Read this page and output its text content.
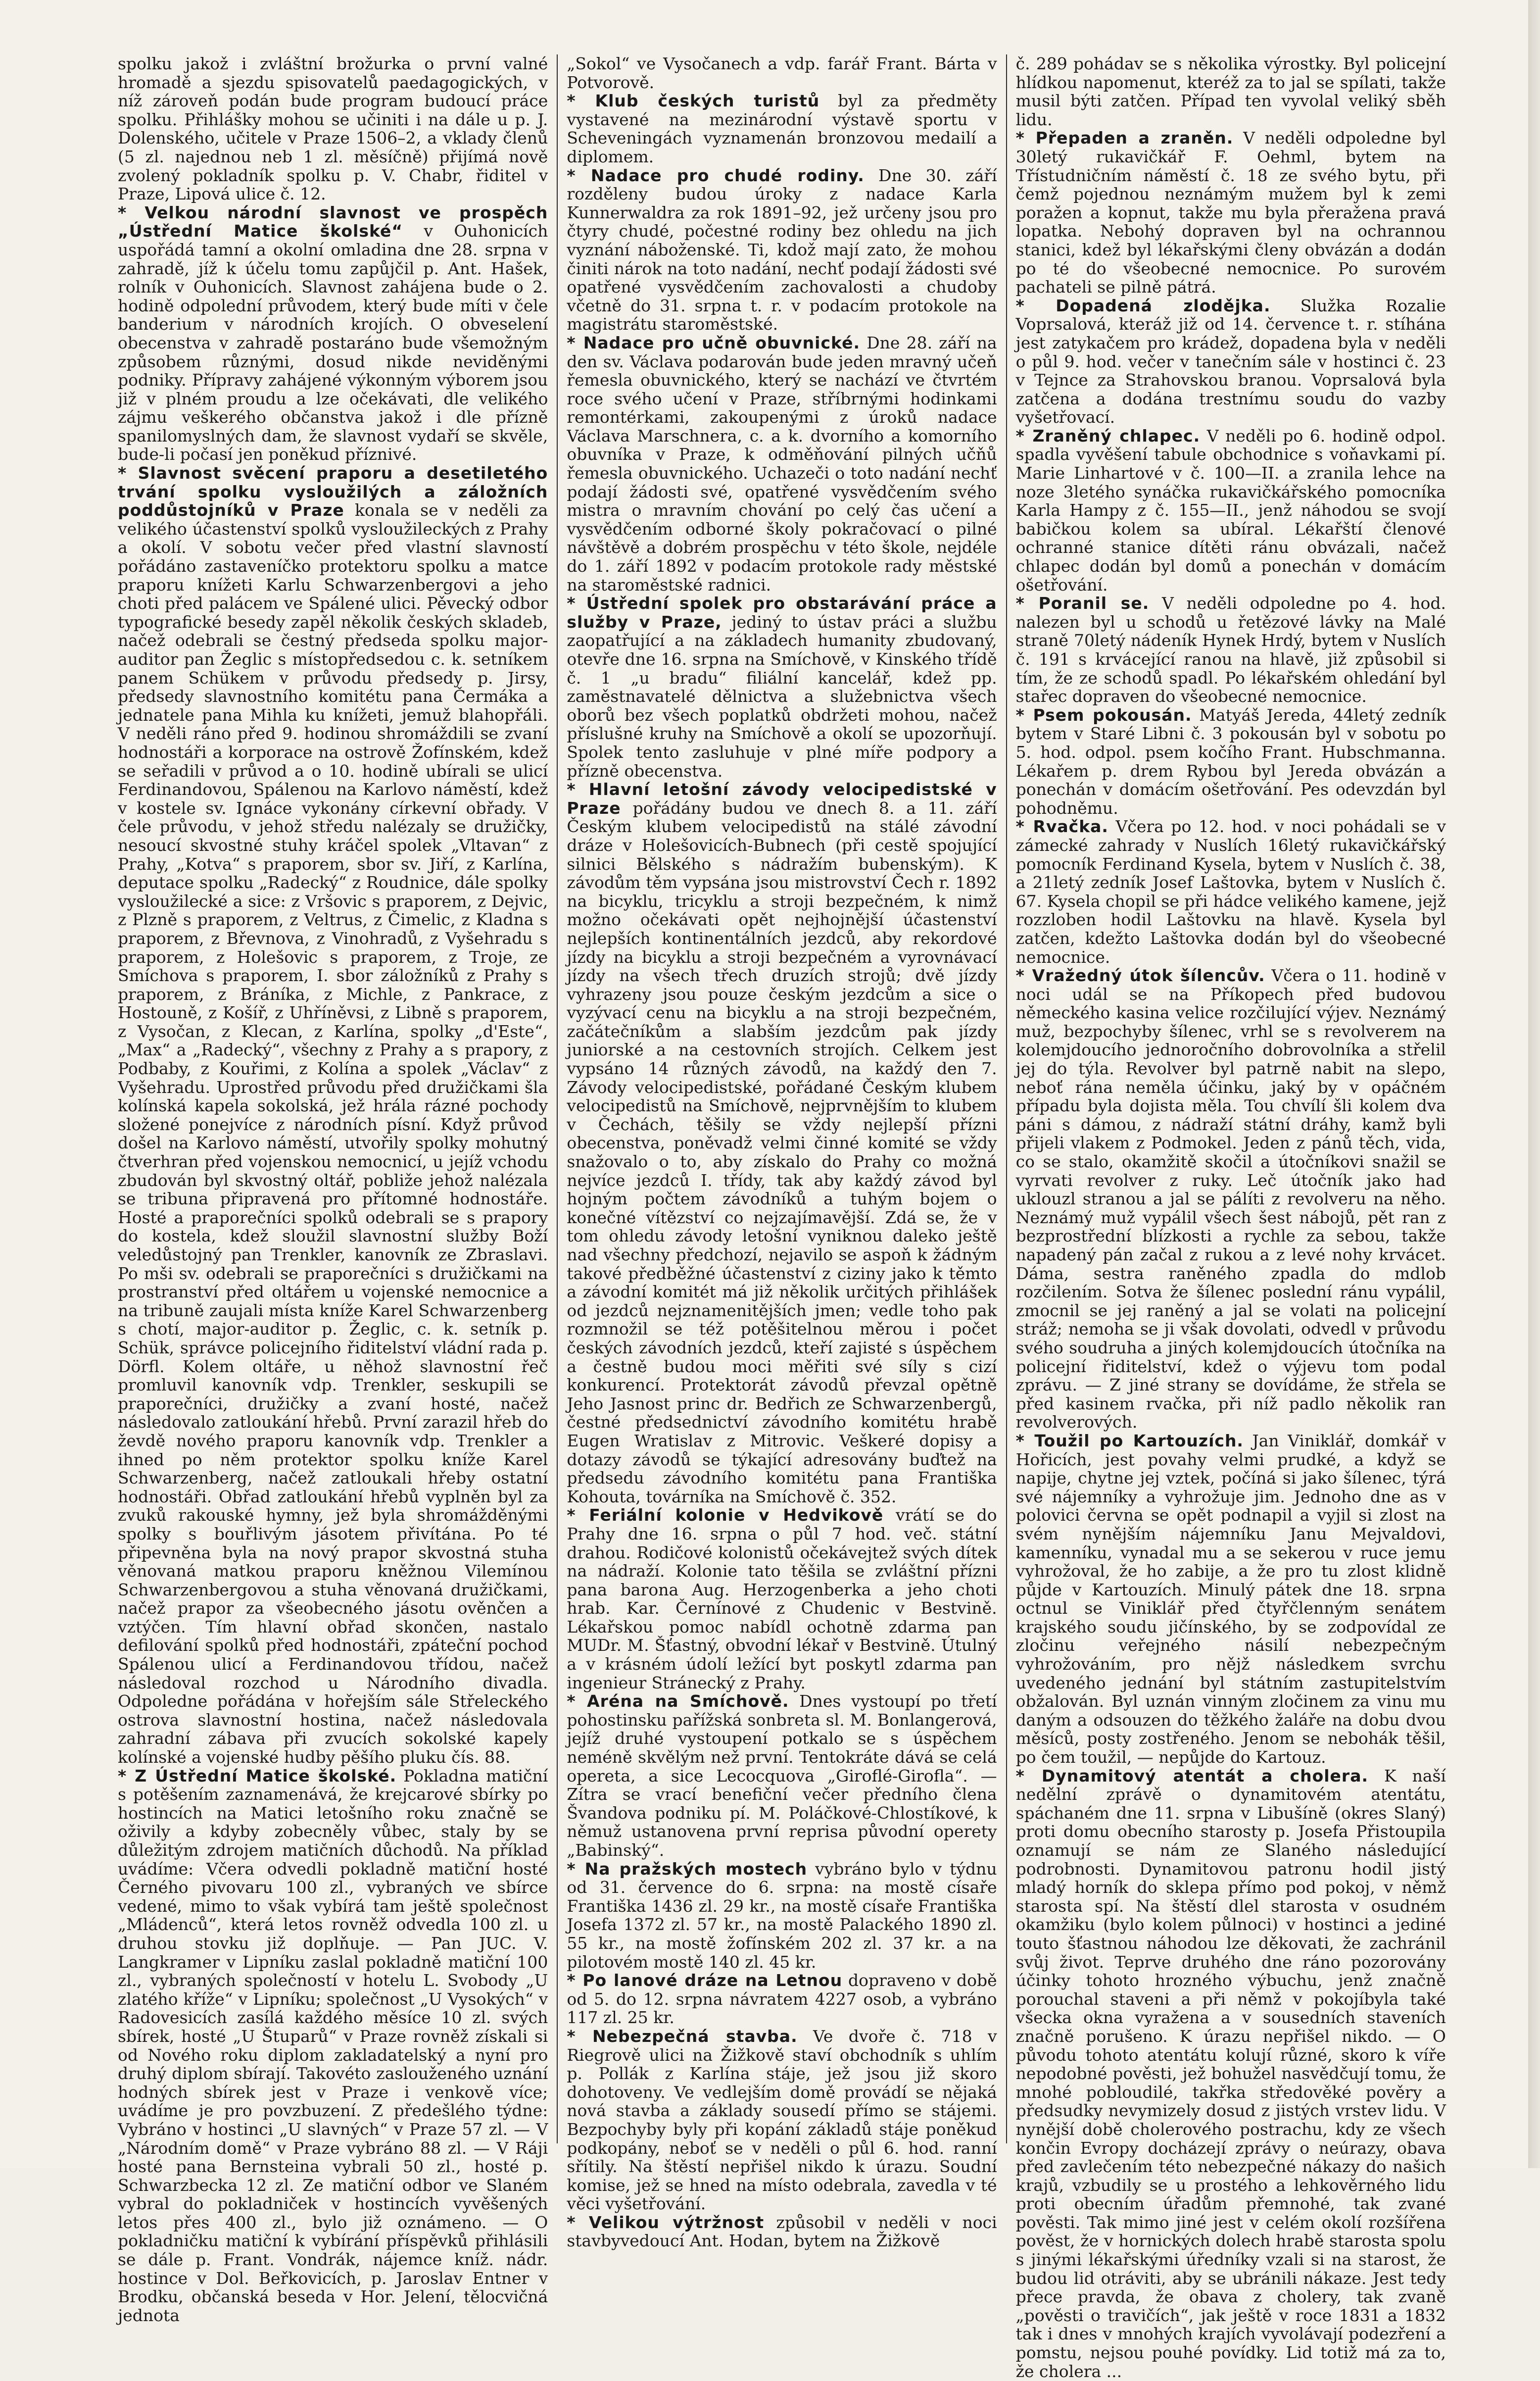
spolku jakož i zvláštní brožurka o první valné hromadě a sjezdu spisovatelů paedagogických, v níž zároveň podán bude program budoucí práce spolku. Přihlášky mohou se učiniti i na dále u p. J. Dolenského, učitele v Praze 1506–2, a vklady členů (5 zl. najednou neb 1 zl. měsíčně) přijímá nově zvolený pokladník spolku p. V. Chabr, řiditel v Praze, Lipová ulice č. 12.

* Velkou národní slavnost ve prospěch „Ústřední Matice školské“ v Ouhonicích uspořádá tamní a okolní omladina dne 28. srpna v zahradě, jíž k účelu tomu zapůjčil p. Ant. Hašek, rolník v Ouhonicích. Slavnost zahájena bude o 2. hodině odpolední průvodem, který bude míti v čele banderium v národních krojích. O obveselení obecenstva v zahradě postaráno bude všemožným způsobem různými, dosud nikde neviděnými podniky. Přípravy zahájené výkonným výborem jsou již v plném proudu a lze očekávati, dle velikého zájmu veškerého občanstva jakož i dle přízně spanilomyslných dam, že slavnost vydaří se skvěle, bude-li počasí jen poněkud příznivé.

* Slavnost svěcení praporu a desetiletého trvání spolku vysloužilých a záložních poddůstojníků v Praze konala se v neděli za velikého účastenství spolků vysloužileckých z Prahy a okolí. V sobotu večer před vlastní slavností pořádáno zastaveníčko protektoru spolku a matce praporu knížeti Karlu Schwarzenbergovi a jeho choti před palácem ve Spálené ulici. Pěvecký odbor typografické besedy zapěl několik českých skladeb, načež odebrali se čestný předseda spolku major-auditor pan Žeglic s místopředsedou c. k. setníkem panem Schükem v průvodu předsedy p. Jirsy, předsedy slavnostního komitétu pana Čermáka a jednatele pana Mihla ku knížeti, jemuž blahopřáli. V neděli ráno před 9. hodinou shromáždili se zvaní hodnostáři a korporace na ostrově Žofínském, kdež se seřadili v průvod a o 10. hodině ubírali se ulicí Ferdinandovou, Spálenou na Karlovo náměstí, kdež v kostele sv. Ignáce vykonány církevní obřady. V čele průvodu, v jehož středu nalézaly se družičky, nesoucí skvostné stuhy kráčel spolek „Vltavan“ z Prahy, „Kotva“ s praporem, sbor sv. Jiří, z Karlína, deputace spolku „Radecký“ z Roudnice, dále spolky vysloužilecké a sice: z Vršovic s praporem, z Dejvic, z Plzně s praporem, z Veltrus, z Čimelic, z Kladna s praporem, z Břevnova, z Vinohradů, z Vyšehradu s praporem, z Holešovic s praporem, z Troje, ze Smíchova s praporem, I. sbor záložníků z Prahy s praporem, z Bráníka, z Michle, z Pankrace, z Hostouně, z Košíř, z Uhříněvsi, z Libně s praporem, z Vysočan, z Klecan, z Karlína, spolky „d'Este“, „Max“ a „Radecký“, všechny z Prahy a s prapory, z Podbaby, z Kouřimi, z Kolína a spolek „Václav“ z Vyšehradu. Uprostřed průvodu před družičkami šla kolínská kapela sokolská, jež hrála rázné pochody složené ponejvíce z národních písní. Když průvod došel na Karlovo náměstí, utvořily spolky mohutný čtverhran před vojenskou nemocnicí, u jejíž vchodu zbudován byl skvostný oltář, pobliže jehož nalézala se tribuna připravená pro přítomné hodnostáře. Hosté a praporečníci spolků odebrali se s prapory do kostela, kdež sloužil slavnostní služby Boží veledůstojný pan Trenkler, kanovník ze Zbraslavi. Po mši sv. odebrali se praporečníci s družičkami na prostranství před oltářem u vojenské nemocnice a na tribuně zaujali místa kníže Karel Schwarzenberg s chotí, major-auditor p. Žeglic, c. k. setník p. Schük, správce policejního řiditelství vládní rada p. Dörfl. Kolem oltáře, u něhož slavnostní řeč promluvil kanovník vdp. Trenkler, seskupili se praporečníci, družičky a zvaní hosté, načež následovalo zatloukání hřebů. První zarazil hřeb do ževdě nového praporu kanovník vdp. Trenkler a ihned po něm protektor spolku kníže Karel Schwarzenberg, načež zatloukali hřeby ostatní hodnostáři. Obřad zatloukání hřebů vyplněn byl za zvuků rakouské hymny, jež byla shromážděnými spolky s bouřlivým jásotem přivítána. Po té připevněna byla na nový prapor skvostná stuha věnovaná matkou praporu kněžnou Vilemínou Schwarzenbergovou a stuha věnovaná družičkami, načež prapor za všeobecného jásotu ověnčen a vztýčen. Tím hlavní obřad skončen, nastalo defilování spolků před hodnostáři, zpáteční pochod Spálenou ulicí a Ferdinandovou třídou, načež následoval rozchod u Národního divadla. Odpoledne pořádána v hořejším sále Střeleckého ostrova slavnostní hostina, načež následovala zahradní zábava při zvucích sokolské kapely kolínské a vojenské hudby pěšího pluku čís. 88.

* Z Ústřední Matice školské. Pokladna matiční s potěšením zaznamenává, že krejcarové sbírky po hostincích na Matici letošního roku značně se oživily a kdyby zobecněly vůbec, staly by se důležitým zdrojem matičních důchodů. Na příklad uvádíme: Včera odvedli pokladně matiční hosté Černého pivovaru 100 zl., vybraných ve sbírce vedené, mimo to však vybírá tam ještě společnost „Mládenců“, která letos rovněž odvedla 100 zl. u druhou stovku již doplňuje. — Pan JUC. V. Langkramer v Lipníku zaslal pokladně matiční 100 zl., vybraných společností v hotelu L. Svobody „U zlatého kříže“ v Lipníku; společnost „U Vysokých“ v Radovesicích zasílá každého měsíce 10 zl. svých sbírek, hosté „U Štuparů“ v Praze rovněž získali si od Nového roku diplom zakladatelský a nyní pro druhý diplom sbírají. Takovéto zaslouženého uznání hodných sbírek jest v Praze i venkově více; uvádíme je pro povzbuzení. Z předešlého týdne: Vybráno v hostinci „U slavných“ v Praze 57 zl. — V „Národním domě“ v Praze vybráno 88 zl. — V Ráji hosté pana Bernsteina vybrali 50 zl., hosté p. Schwarzbecka 12 zl. Ze matiční odbor ve Slaném vybral do pokladniček v hostincích vyvěšených letos přes 400 zl., bylo již oznámeno. — O pokladničku matiční k vybírání příspěvků přihlásili se dále p. Frant. Vondrák, nájemce kníž. nádr. hostince v Dol. Beřkovicích, p. Jaroslav Entner v Brodku, občanská beseda v Hor. Jelení, tělocvičná jednota

„Sokol“ ve Vysočanech a vdp. farář Frant. Bárta v Potvorově.

* Klub českých turistů byl za předměty vystavené na mezinárodní výstavě sportu v Scheveningách vyznamenán bronzovou medailí a diplomem.

* Nadace pro chudé rodiny. Dne 30. září rozděleny budou úroky z nadace Karla Kunnerwaldra za rok 1891–92, jež určeny jsou pro čtyry chudé, počestné rodiny bez ohledu na jich vyznání náboženské. Ti, kdož mají zato, že mohou činiti nárok na toto nadání, nechť podají žádosti své opatřené vysvědčením zachovalosti a chudoby včetně do 31. srpna t. r. v podacím protokole na magistrátu staroměstské.

* Nadace pro učně obuvnické. Dne 28. září na den sv. Václava podarován bude jeden mravný učeň řemesla obuvnického, který se nachází ve čtvrtém roce svého učení v Praze, stříbrnými hodinkami remontérkami, zakoupenými z úroků nadace Václava Marschnera, c. a k. dvorního a komorního obuvníka v Praze, k odměňování pilných učňů řemesla obuvnického. Uchazeči o toto nadání nechť podají žádosti své, opatřené vysvědčením svého mistra o mravním chování po celý čas učení a vysvědčením odborné školy pokračovací o pilné návštěvě a dobrém prospěchu v této škole, nejdéle do 1. září 1892 v podacím protokole rady městské na staroměstské radnici.

* Ústřední spolek pro obstarávání práce a služby v Praze, jediný to ústav práci a službu zaopatřující a na základech humanity zbudovaný, otevře dne 16. srpna na Smíchově, v Kinského třídě č. 1 „u bradu“ filiální kancelář, kdež pp. zaměstnavatelé dělnictva a služebnictva všech oborů bez všech poplatků obdržeti mohou, načež příslušné kruhy na Smíchově a okolí se upozorňují. Spolek tento zasluhuje v plné míře podpory a přízně obecenstva.

* Hlavní letošní závody velocipedistské v Praze pořádány budou ve dnech 8. a 11. září Českým klubem velocipedistů na stálé závodní dráze v Holešovicích-Bubnech (při cestě spojující silnici Bělského s nádražím bubenským). K závodům těm vypsána jsou mistrovství Čech r. 1892 na bicyklu, tricyklu a stroji bezpečném, k nimž možno očekávati opět nejhojnější účastenství nejlepších kontinentálních jezdců, aby rekordové jízdy na bicyklu a stroji bezpečném a vyrovnávací jízdy na všech třech druzích strojů; dvě jízdy vyhrazeny jsou pouze českým jezdcům a sice o vyzývací cenu na bicyklu a na stroji bezpečném, začátečníkům a slabším jezdcům pak jízdy juniorské a na cestovních strojích. Celkem jest vypsáno 14 různých závodů, na každý den 7. Závody velocipedistské, pořádané Českým klubem velocipedistů na Smíchově, nejprvnějším to klubem v Čechách, těšily se vždy nejlepší přízni obecenstva, poněvadž velmi činné komité se vždy snažovalo o to, aby získalo do Prahy co možná nejvíce jezdců I. třídy, tak aby každý závod byl hojným počtem závodníků a tuhým bojem o konečné vítězství co nejzajímavější. Zdá se, že v tom ohledu závody letošní vyniknou daleko ještě nad všechny předchozí, nejavilo se aspoň k žádným takové předběžné účastenství z ciziny jako k těmto a závodní komitét má již několik určitých přihlášek od jezdců nejznamenitějších jmen; vedle toho pak rozmnožil se též potěšitelnou měrou i počet českých závodních jezdců, kteří zajisté s úspěchem a čestně budou moci měřiti své síly s cizí konkurencí. Protektorát závodů převzal opětně Jeho Jasnost princ dr. Bedřich ze Schwarzenbergů, čestné předsednictví závodního komitétu hrabě Eugen Wratislav z Mitrovic. Veškeré dopisy a dotazy závodů se týkající adresovány buďtež na předsedu závodního komitétu pana Františka Kohouta, továrníka na Smíchově č. 352.

* Feriální kolonie v Hedvikově vrátí se do Prahy dne 16. srpna o půl 7 hod. več. státní drahou. Rodičové kolonistů očekávejtež svých dítek na nádraží. Kolonie tato těšila se zvláštní přízni pana barona Aug. Herzogenberka a jeho choti hrab. Kar. Černínové z Chudenic v Bestvině. Lékařskou pomoc nabídl ochotně zdarma pan MUDr. M. Šťastný, obvodní lékař v Bestvině. Útulný a v krásném údolí ležící byt poskytl zdarma pan ingenieur Stránecký z Prahy.

* Aréna na Smíchově. Dnes vystoupí po třetí pohostinsku pařížská sonbreta sl. M. Bonlangerová, jejíž druhé vystoupení potkalo se s úspěchem neméně skvělým než první. Tentokráte dává se celá opereta, a sice Lecocquova „Giroflé-Girofla“. — Zítra se vrací benefiční večer předního člena Švandova podniku pí. M. Poláčkové-Chlostíkové, k němuž ustanovena první reprisa původní operety „Babinský“.

* Na pražských mostech vybráno bylo v týdnu od 31. července do 6. srpna: na mostě císaře Františka 1436 zl. 29 kr., na mostě císaře Františka Josefa 1372 zl. 57 kr., na mostě Palackého 1890 zl. 55 kr., na mostě žofínském 202 zl. 37 kr. a na pilotovém mostě 140 zl. 45 kr.

* Po lanové dráze na Letnou dopraveno v době od 5. do 12. srpna návratem 4227 osob, a vybráno 117 zl. 25 kr.

* Nebezpečná stavba. Ve dvoře č. 718 v Riegrově ulici na Žižkově staví obchodník s uhlím p. Pollák z Karlína stáje, jež jsou již skoro dohotoveny. Ve vedlejším domě provádí se nějaká nová stavba a základy sousedí přímo se stájemi. Bezpochyby byly při kopání základů stáje poněkud podkopány, neboť se v neděli o půl 6. hod. ranní sřítily. Na štěstí nepřišel nikdo k úrazu. Soudní komise, jež se hned na místo odebrala, zavedla v té věci vyšetřování.

* Velikou výtržnost způsobil v neděli v noci stavbyvedoucí Ant. Hodan, bytem na Žižkově

č. 289 pohádav se s několika výrostky. Byl policejní hlídkou napomenut, kteréž za to jal se spílati, takže musil býti zatčen. Případ ten vyvolal veliký sběh lidu.

* Přepaden a zraněn. V neděli odpoledne byl 30letý rukavičkář F. Oehml, bytem na Třístudničním náměstí č. 18 ze svého bytu, při čemž pojednou neznámým mužem byl k zemi poražen a kopnut, takže mu byla přeražena pravá lopatka. Nebohý dopraven byl na ochrannou stanici, kdež byl lékařskými členy obvázán a dodán po té do všeobecné nemocnice. Po surovém pachateli se pilně pátrá.

* Dopadená zlodějka. Služka Rozalie Voprsalová, kteráž již od 14. července t. r. stíhána jest zatykačem pro krádež, dopadena byla v neděli o půl 9. hod. večer v tanečním sále v hostinci č. 23 v Tejnce za Strahovskou branou. Voprsalová byla zatčena a dodána trestnímu soudu do vazby vyšetřovací.

* Zraněný chlapec. V neděli po 6. hodině odpol. spadla vyvěšení tabule obchodnice s voňavkami pí. Marie Linhartové v č. 100—II. a zranila lehce na noze 3letého synáčka rukavičkářského pomocníka Karla Hampy z č. 155—II., jenž náhodou se svojí babičkou kolem sa ubíral. Lékařští členové ochranné stanice dítěti ránu obvázali, načež chlapec dodán byl domů a ponechán v domácím ošetřování.

* Poranil se. V neděli odpoledne po 4. hod. nalezen byl u schodů u řetězové lávky na Malé straně 70letý nádeník Hynek Hrdý, bytem v Nuslích č. 191 s krvácející ranou na hlavě, již způsobil si tím, že ze schodů spadl. Po lékařském ohledání byl stařec dopraven do všeobecné nemocnice.

* Psem pokousán. Matyáš Jereda, 44letý zedník bytem v Staré Libni č. 3 pokousán byl v sobotu po 5. hod. odpol. psem kočího Frant. Hubschmanna. Lékařem p. drem Rybou byl Jereda obvázán a ponechán v domácím ošetřování. Pes odevzdán byl pohodněmu.

* Rvačka. Včera po 12. hod. v noci pohádali se v zámecké zahrady v Nuslích 16letý rukavičkářský pomocník Ferdinand Kysela, bytem v Nuslích č. 38, a 21letý zedník Josef Laštovka, bytem v Nuslích č. 67. Kysela chopil se při hádce velikého kamene, jejž rozzloben hodil Laštovku na hlavě. Kysela byl zatčen, kdežto Laštovka dodán byl do všeobecné nemocnice.

* Vražedný útok šílencův. Včera o 11. hodině v noci udál se na Příkopech před budovou německého kasina velice rozčilující výjev. Neznámý muž, bezpochyby šílenec, vrhl se s revolverem na kolemjdoucího jednoročního dobrovolníka a střelil jej do týla. Revolver byl patrně nabit na slepo, neboť rána neměla účinku, jaký by v opáčném případu byla dojista měla. Tou chvílí šli kolem dva páni s dámou, z nádraží státní dráhy, kamž byli přijeli vlakem z Podmokel. Jeden z pánů těch, vida, co se stalo, okamžitě skočil a útočníkovi snažil se vyrvati revolver z ruky. Leč útočník jako had uklouzl stranou a jal se pálíti z revolveru na něho. Neznámý muž vypálil všech šest nábojů, pět ran z bezprostřední blízkosti a rychle za sebou, takže napadený pán začal z rukou a z levé nohy krvácet. Dáma, sestra raněného zpadla do mdlob rozčilením. Sotva že šílenec poslední ránu vypálil, zmocnil se jej raněný a jal se volati na policejní stráž; nemoha se ji však dovolati, odvedl v průvodu svého soudruha a jiných kolemjdoucích útočníka na policejní řiditelství, kdež o výjevu tom podal zprávu. — Z jiné strany se dovídáme, že střela se před kasinem rvačka, při níž padlo několik ran revolverových.

* Toužil po Kartouzích. Jan Viniklář, domkář v Hořicích, jest povahy velmi prudké, a když se napije, chytne jej vztek, počíná si jako šílenec, týrá své nájemníky a vyhrožuje jim. Jednoho dne as v polovici června se opět podnapil a vyjil si zlost na svém nynějším nájemníku Janu Mejvaldovi, kamenníku, vynadal mu a se sekerou v ruce jemu vyhrožoval, že ho zabije, a že pro tu zlost klidně půjde v Kartouzích. Minulý pátek dne 18. srpna octnul se Viniklář před čtyřčlenným senátem krajského soudu jičínského, by se zodpovídal ze zločinu veřejného násilí nebezpečným vyhrožováním, pro nějž následkem svrchu uvedeného jednání byl státním zastupitelstvím obžalován. Byl uznán vinným zločinem za vinu mu daným a odsouzen do těžkého žaláře na dobu dvou měsíců, posty zostřeného. Jenom se nebohák těšil, po čem toužil, — nepůjde do Kartouz.

* Dynamitový atentát a cholera. K naší nedělní zprávě o dynamitovém atentátu, spáchaném dne 11. srpna v Libušíně (okres Slaný) proti domu obecního starosty p. Josefa Přistoupila oznamují se nám ze Slaného následující podrobnosti. Dynamitovou patronu hodil jistý mladý horník do sklepa přímo pod pokoj, v němž starosta spí. Na štěstí dlel starosta v osudném okamžiku (bylo kolem půlnoci) v hostinci a jediné touto šťastnou náhodou lze děkovati, že zachránil svůj život. Teprve druhého dne ráno pozorovány účinky tohoto hrozného výbuchu, jenž značně porouchal staveni a při němž v pokojíbyla také všecka okna vyražena a v sousedních staveních značně porušeno. K úrazu nepřišel nikdo. — O původu tohoto atentátu kolují různé, skoro k víře nepodobné pověsti, jež bohužel nasvědčují tomu, že mnohé pobloudilé, takřka středověké pověry a předsudky nevymizely dosud z jistých vrstev lidu. V nynější době cholerového postrachu, kdy ze všech končin Evropy docházejí zprávy o neúrazy, obava před zavlečením této nebezpečné nákazy do našich krajů, vzbudily se u prostého a lehkověrného lidu proti obecním úřadům přemnohé, tak zvané pověsti. Tak mimo jiné jest v celém okolí rozšířena pověst, že v hornických dolech hrabě starosta spolu s jinými lékařskými úředníky vzali si na starost, že budou lid otráviti, aby se ubránili nákaze. Jest tedy přece pravda, že obava z cholery, tak zvaně „pověsti o travičích“, jak ještě v roce 1831 a 1832 tak i dnes v mnohých krajích vyvolávají podezření a pomstu, nejsou pouhé povídky. Lid totiž má za to, že cholera ...
